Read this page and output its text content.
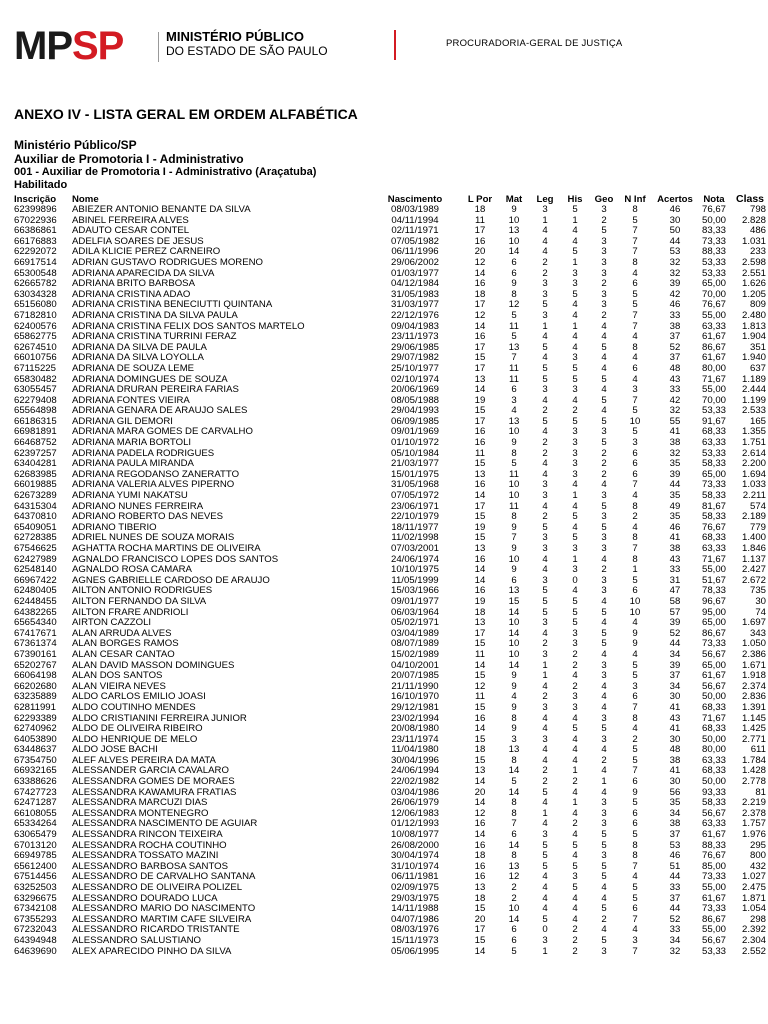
MPSP	MINISTÉRIO PÚBLICO
DO ESTADO DE SÃO PAULO
PROCURADORIA-GERAL DE JUSTIÇA
ANEXO IV - LISTA GERAL EM ORDEM ALFABÉTICA
Ministério Público/SP
Auxiliar de Promotoria I - Administrativo
001 - Auxiliar de Promotoria I - Administrativo (Araçatuba)
Habilitado
Inscrição	Nome	Nascimento	L Por	Mat	Leg	His	Geo	N Inf	Acertos	Nota	Class
62399896	ABIEZER ANTONIO BENANTE DA SILVA	08/03/1989	18	9	3	5	3	8	46	76,67	798
67022936	ABINEL FERREIRA ALVES	04/11/1994	11	10	1	1	2	5	30	50,00	2.828
66386861	ADAUTO CESAR CONTEL	02/11/1971	17	13	4	4	5	7	50	83,33	486
66176883	ADELFIA SOARES DE JESUS	07/05/1982	16	10	4	4	3	7	44	73,33	1.031
62292072	ADILA KLICIE PEREZ CARNEIRO	06/11/1996	20	14	4	5	3	7	53	88,33	233
66917514	ADRIAN GUSTAVO RODRIGUES MORENO	29/06/2002	12	6	2	1	3	8	32	53,33	2.598
65300548	ADRIANA APARECIDA DA SILVA	01/03/1977	14	6	2	3	3	4	32	53,33	2.551
62665782	ADRIANA BRITO BARBOSA	04/12/1984	16	9	3	3	2	6	39	65,00	1.626
63034328	ADRIANA CRISTINA ADAO	31/05/1983	18	8	3	5	3	5	42	70,00	1.205
65156080	ADRIANA CRISTINA BENECIUTTI QUINTANA	31/03/1977	17	12	5	4	3	5	46	76,67	809
67182810	ADRIANA CRISTINA DA SILVA PAULA	22/12/1976	12	5	3	4	2	7	33	55,00	2.480
62400576	ADRIANA CRISTINA FELIX DOS SANTOS MARTELO	09/04/1983	14	11	1	1	4	7	38	63,33	1.813
65862775	ADRIANA CRISTINA TURRINI FERAZ	23/11/1973	16	5	4	4	4	4	37	61,67	1.904
62674510	ADRIANA DA SILVA DE PAULA	29/06/1985	17	13	5	4	5	8	52	86,67	351
66010756	ADRIANA DA SILVA LOYOLLA	29/07/1982	15	7	4	3	4	4	37	61,67	1.940
67115225	ADRIANA DE SOUZA LEME	25/10/1977	17	11	5	5	4	6	48	80,00	637
65830482	ADRIANA DOMINGUES DE SOUZA	02/10/1974	13	11	5	5	5	4	43	71,67	1.189
63055457	ADRIANA DRURAN PEREIRA FARIAS	20/06/1969	14	6	3	3	4	3	33	55,00	2.444
62279408	ADRIANA FONTES VIEIRA	08/05/1988	19	3	4	4	5	7	42	70,00	1.199
65564898	ADRIANA GENARA DE ARAUJO SALES	29/04/1993	15	4	2	2	4	5	32	53,33	2.533
66186315	ADRIANA GIL DEMORI	06/09/1985	17	13	5	5	5	10	55	91,67	165
66981891	ADRIANA MARA GOMES DE CARVALHO	09/01/1969	16	10	4	3	3	5	41	68,33	1.355
66468752	ADRIANA MARIA BORTOLI	01/10/1972	16	9	2	3	5	3	38	63,33	1.751
62397257	ADRIANA PADELA RODRIGUES	05/10/1984	11	8	2	3	2	6	32	53,33	2.614
63404281	ADRIANA PAULA MIRANDA	21/03/1977	15	5	4	3	2	6	35	58,33	2.200
62683985	ADRIANA REGODANSO ZANERATTO	15/01/1975	13	11	4	3	2	6	39	65,00	1.694
66019885	ADRIANA VALERIA ALVES PIPERNO	31/05/1968	16	10	3	4	4	7	44	73,33	1.033
62673289	ADRIANA YUMI NAKATSU	07/05/1972	14	10	3	1	3	4	35	58,33	2.211
64315304	ADRIANO NUNES FERREIRA	23/06/1971	17	11	4	4	5	8	49	81,67	574
64370810	ADRIANO ROBERTO DAS NEVES	22/10/1979	15	8	2	5	3	2	35	58,33	2.189
65409051	ADRIANO TIBERIO	18/11/1977	19	9	5	4	5	4	46	76,67	779
62728385	ADRIEL NUNES DE SOUZA MORAIS	11/02/1998	15	7	3	5	3	8	41	68,33	1.400
67546625	AGHATTA ROCHA MARTINS DE OLIVEIRA	07/03/2001	13	9	3	3	3	7	38	63,33	1.846
62427989	AGNALDO FRANCISCO LOPES DOS SANTOS	24/06/1974	16	10	4	1	4	8	43	71,67	1.137
62548140	AGNALDO ROSA CAMARA	10/10/1975	14	9	4	3	2	1	33	55,00	2.427
66967422	AGNES GABRIELLE CARDOSO DE ARAUJO	11/05/1999	14	6	3	0	3	5	31	51,67	2.672
62480405	AILTON ANTONIO RODRIGUES	15/03/1966	16	13	5	4	3	6	47	78,33	735
62448455	AILTON FERNANDO DA SILVA	09/01/1977	19	15	5	5	4	10	58	96,67	30
64382265	AILTON FRARE ANDRIOLI	06/03/1964	18	14	5	5	5	10	57	95,00	74
65654340	AIRTON CAZZOLI	05/02/1971	13	10	3	5	4	4	39	65,00	1.697
67417671	ALAN ARRUDA ALVES	03/04/1989	17	14	4	3	5	9	52	86,67	343
67361374	ALAN BORGES RAMOS	08/07/1989	15	10	2	3	5	9	44	73,33	1.050
67390161	ALAN CESAR CANTAO	15/02/1989	11	10	3	2	4	4	34	56,67	2.386
65202767	ALAN DAVID MASSON DOMINGUES	04/10/2001	14	14	1	2	3	5	39	65,00	1.671
66064198	ALAN DOS SANTOS	20/07/1985	15	9	1	4	3	5	37	61,67	1.918
66202680	ALAN VIEIRA NEVES	21/11/1990	12	9	4	2	4	3	34	56,67	2.374
63235889	ALDO CARLOS EMILIO JOASI	16/10/1970	11	4	2	3	4	6	30	50,00	2.836
62811991	ALDO COUTINHO MENDES	29/12/1981	15	9	3	3	4	7	41	68,33	1.391
62293389	ALDO CRISTIANINI FERREIRA JUNIOR	23/02/1994	16	8	4	4	3	8	43	71,67	1.145
62740962	ALDO DE OLIVEIRA RIBEIRO	20/08/1980	14	9	4	5	5	4	41	68,33	1.425
64053890	ALDO HENRIQUE DE MELO	23/11/1974	15	3	3	4	3	2	30	50,00	2.771
63448637	ALDO JOSE BACHI	11/04/1980	18	13	4	4	4	5	48	80,00	611
67354750	ALEF ALVES PEREIRA DA MATA	30/04/1996	15	8	4	4	2	5	38	63,33	1.784
66932165	ALESSANDER GARCIA CAVALARO	24/06/1994	13	14	2	1	4	7	41	68,33	1.428
63388626	ALESSANDRA GOMES DE MORAES	22/02/1982	14	5	2	2	1	6	30	50,00	2.778
67427723	ALESSANDRA KAWAMURA FRATIAS	03/04/1986	20	14	5	4	4	9	56	93,33	81
62471287	ALESSANDRA MARCUZI DIAS	26/06/1979	14	8	4	1	3	5	35	58,33	2.219
66108055	ALESSANDRA MONTENEGRO	12/06/1983	12	8	1	4	3	6	34	56,67	2.378
65334264	ALESSANDRA NASCIMENTO DE AGUIAR	01/12/1993	16	7	4	2	3	6	38	63,33	1.757
63065479	ALESSANDRA RINCON TEIXEIRA	10/08/1977	14	6	3	4	5	5	37	61,67	1.976
67013120	ALESSANDRA ROCHA COUTINHO	26/08/2000	16	14	5	5	5	8	53	88,33	295
66949785	ALESSANDRA TOSSATO MAZINI	30/04/1974	18	8	5	4	3	8	46	76,67	800
65612400	ALESSANDRO BARBOSA SANTOS	31/10/1974	16	13	5	5	5	7	51	85,00	432
67514456	ALESSANDRO DE CARVALHO SANTANA	06/11/1981	16	12	4	3	5	4	44	73,33	1.027
63252503	ALESSANDRO DE OLIVEIRA POLIZEL	02/09/1975	13	2	4	5	4	5	33	55,00	2.475
63296675	ALESSANDRO DOURADO LUCA	29/03/1975	18	2	4	4	4	5	37	61,67	1.871
67342108	ALESSANDRO MARIO DO NASCIMENTO	14/11/1988	15	10	4	4	5	6	44	73,33	1.054
67355293	ALESSANDRO MARTIM CAFE SILVEIRA	04/07/1986	20	14	5	4	2	7	52	86,67	298
67232043	ALESSANDRO RICARDO TRISTANTE	08/03/1976	17	6	0	2	4	4	33	55,00	2.392
64394948	ALESSANDRO SALUSTIANO	15/11/1973	15	6	3	2	5	3	34	56,67	2.304
64639690	ALEX APARECIDO PINHO DA SILVA	05/06/1995	14	5	1	2	3	7	32	53,33	2.552
